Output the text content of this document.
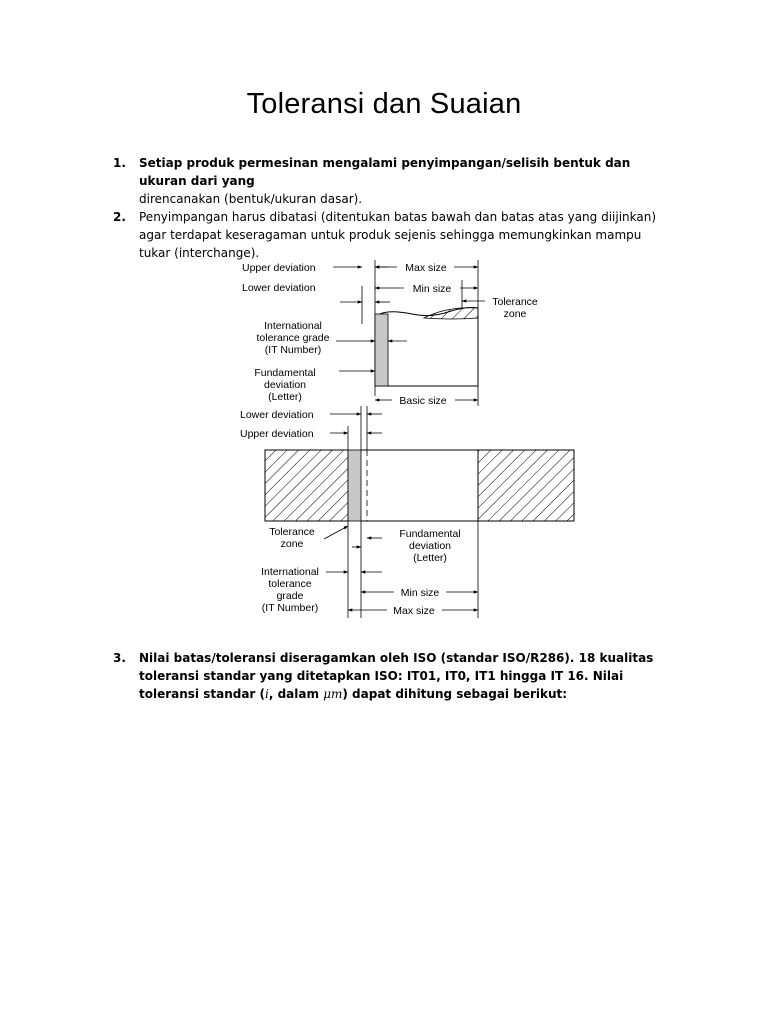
Toleransi dan Suaian
1. Setiap produk permesinan mengalami penyimpangan/selisih bentuk dan ukuran dari yang
direncanakan (bentuk/ukuran dasar).
2. Penyimpangan harus dibatasi (ditentukan batas bawah dan batas atas yang diijinkan) agar terdapat keseragaman untuk produk sejenis sehingga memungkinkan mampu tukar (interchange).
Max size
Min size
Upper deviation
Lower deviation
Tolerance
zone
International
tolerance grade
(IT Number)
Fundamental
deviation
(Letter)	Basic size
Lower deviation
Upper deviation
Tolerance
zone
Fundamental
deviation
(Letter)
International
tolerance
grade
(IT Number)
Min size
Max size
3. Nilai batas/toleransi diseragamkan oleh ISO (standar ISO/R286). 18 kualitas toleransi standar yang ditetapkan ISO: IT01, IT0, IT1 hingga IT 16. Nilai toleransi standar (i, dalam μm) dapat dihitung sebagai berikut:
